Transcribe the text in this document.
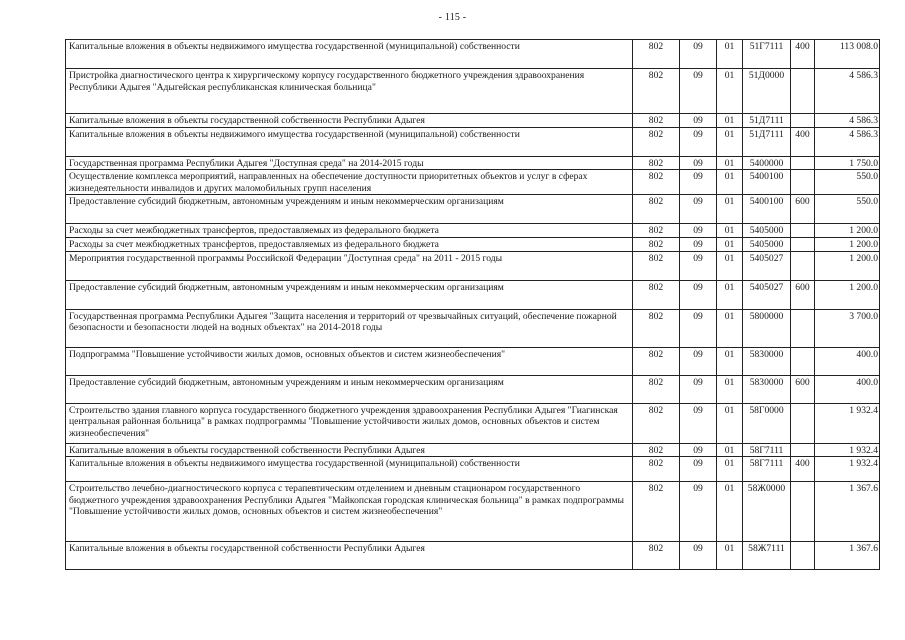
- 115 -
Капитальные вложения в объекты недвижимого имущества государственной (муниципальной) собственности	802	09	01	51Г7111	400	113 008.0
Пристройка диагностического центра к хирургическому корпусу государственного бюджетного учреждения здравоохранения Республики Адыгея "Адыгейская республиканская клиническая больница"	802	09	01	51Д0000		4 586.3
Капитальные вложения в объекты государственной собственности Республики Адыгея	802	09	01	51Д7111		4 586.3
Капитальные вложения в объекты недвижимого имущества государственной (муниципальной) собственности	802	09	01	51Д7111	400	4 586.3
Государственная программа Республики Адыгея "Доступная среда" на 2014-2015 годы	802	09	01	5400000		1 750.0
Осуществление комплекса мероприятий, направленных на обеспечение доступности приоритетных объектов и услуг в сферах жизнедеятельности инвалидов и других маломобильных групп населения	802	09	01	5400100		550.0
Предоставление субсидий бюджетным, автономным учреждениям и иным некоммерческим организациям	802	09	01	5400100	600	550.0
Расходы за счет межбюджетных трансфертов, предоставляемых из федерального бюджета	802	09	01	5405000		1 200.0
Расходы за счет межбюджетных трансфертов, предоставляемых из федерального бюджета	802	09	01	5405000		1 200.0
Мероприятия государственной программы Российской Федерации "Доступная среда" на 2011 - 2015 годы	802	09	01	5405027		1 200.0
Предоставление субсидий бюджетным, автономным учреждениям и иным некоммерческим организациям	802	09	01	5405027	600	1 200.0
Государственная программа Республики Адыгея "Защита населения и территорий от чрезвычайных ситуаций, обеспечение пожарной безопасности и безопасности людей на водных объектах" на 2014-2018 годы	802	09	01	5800000		3 700.0
Подпрограмма "Повышение устойчивости жилых домов, основных объектов и систем жизнеобеспечения"	802	09	01	5830000		400.0
Предоставление субсидий бюджетным, автономным учреждениям и иным некоммерческим организациям	802	09	01	5830000	600	400.0
Строительство здания главного корпуса государственного бюджетного учреждения здравоохранения Республики Адыгея "Гиагинская центральная районная больница" в рамках подпрограммы "Повышение устойчивости жилых домов, основных объектов и систем жизнеобеспечения"	802	09	01	58Г0000		1 932.4
Капитальные вложения в объекты государственной собственности Республики Адыгея	802	09	01	58Г7111		1 932.4
Капитальные вложения в объекты недвижимого имущества государственной (муниципальной) собственности	802	09	01	58Г7111	400	1 932.4
Строительство лечебно-диагностического корпуса с терапевтическим отделением и дневным стационаром государственного бюджетного учреждения здравоохранения Республики Адыгея "Майкопская городская клиническая больница" в рамках подпрограммы "Повышение устойчивости жилых домов, основных объектов и систем жизнеобеспечения"	802	09	01	58Ж0000		1 367.6
Капитальные вложения в объекты государственной собственности Республики Адыгея	802	09	01	58Ж7111		1 367.6
